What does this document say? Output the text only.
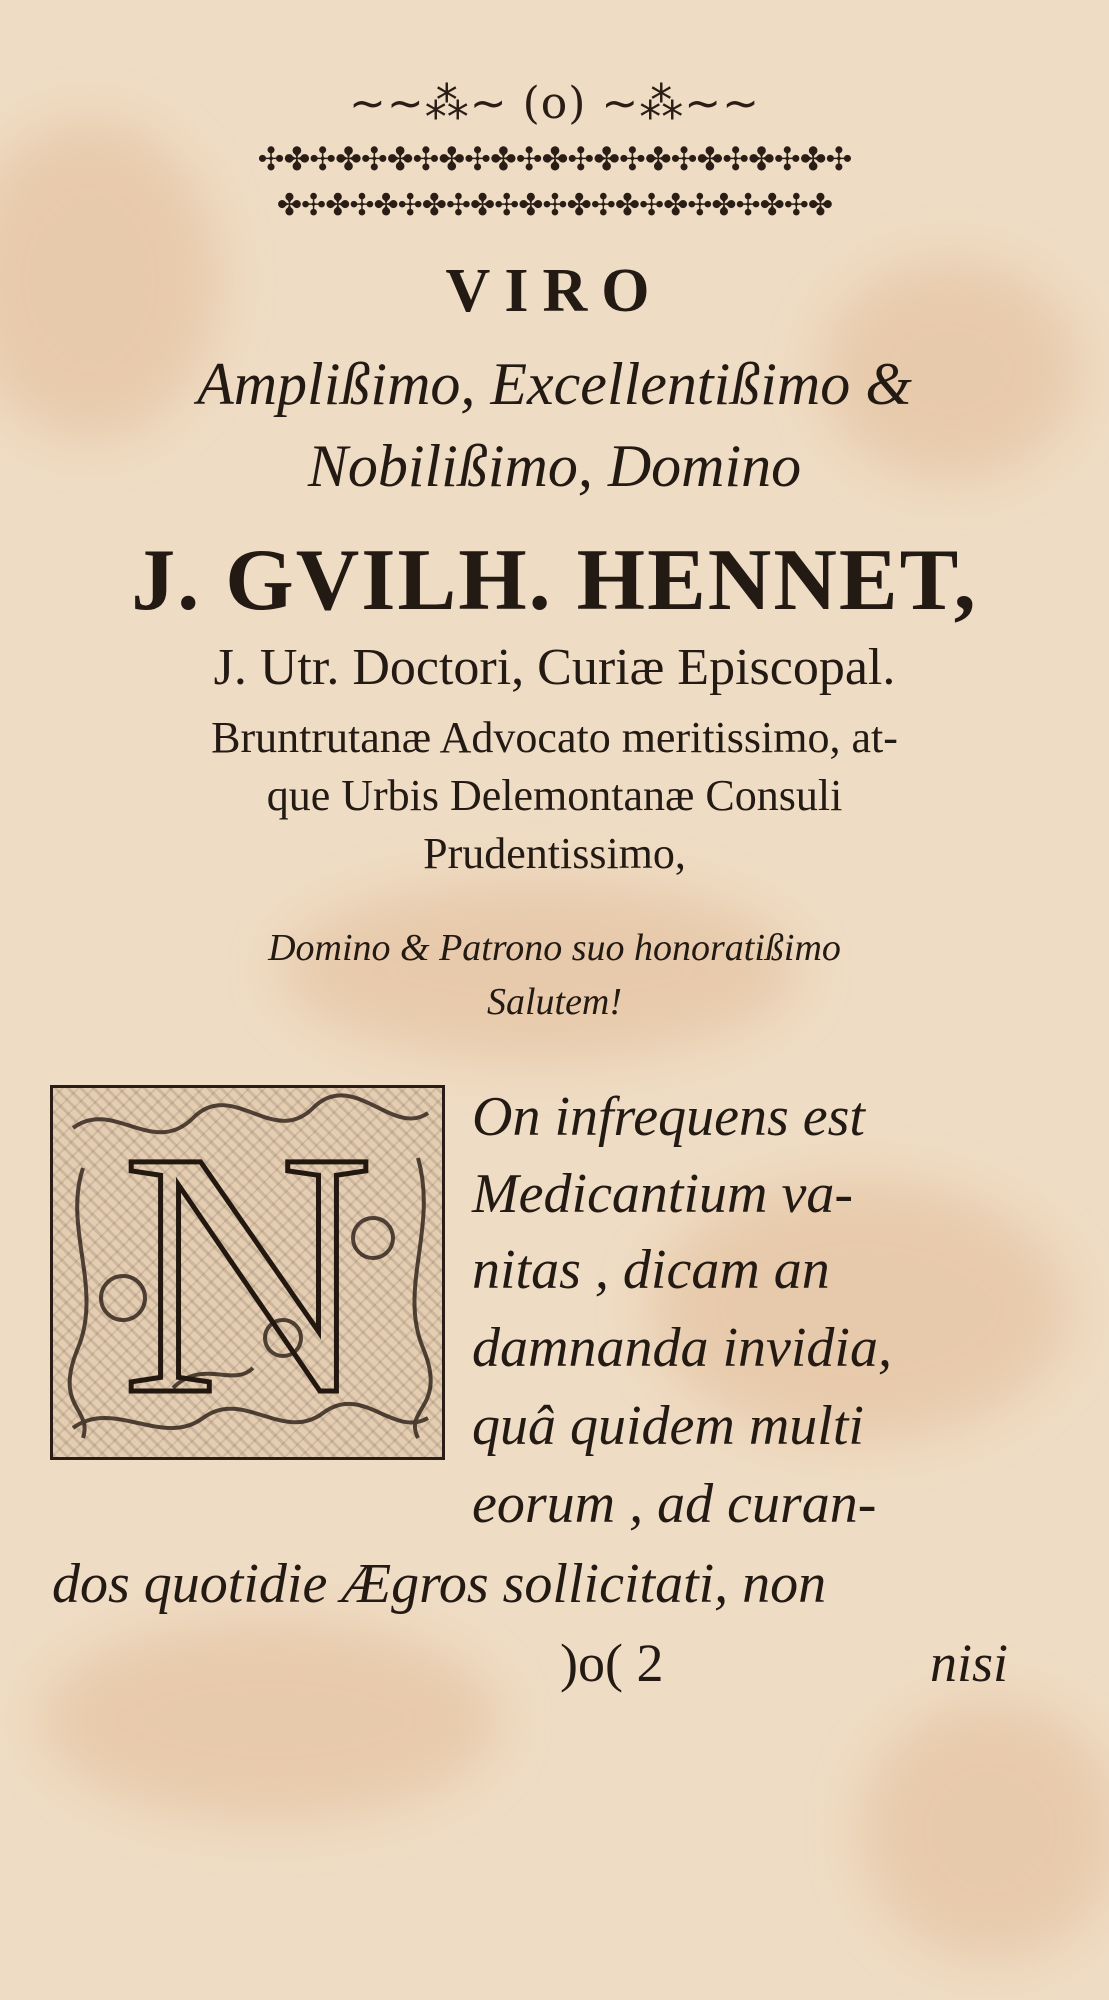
~~⁂~ (o) ~⁂~~
✣✤✣✤✣✤✣✤✣✤✣✤✣✤✣✤✣✤✣✤✣✤✣
✤✣✤✣✤✣✤✣✤✣✤✣✤✣✤✣✤✣✤✣✤✣✤
VIRO
Amplißimo, Excellentißimo &
Nobilißimo, Domino
J. GVILH. HENNET,
J. Utr. Doctori, Curiæ Episcopal.
Bruntrutanæ Advocato meritissimo, at-
que Urbis Delemontanæ Consuli
Prudentissimo,
Domino & Patrono suo honoratißimo
Salutem!
N	On infrequens est
Medicantium va-
nitas , dicam an
damnanda invidia,
quâ quidem multi
eorum , ad curan-
dos quotidie Ægros sollicitati, non
)o( 2	nisi
